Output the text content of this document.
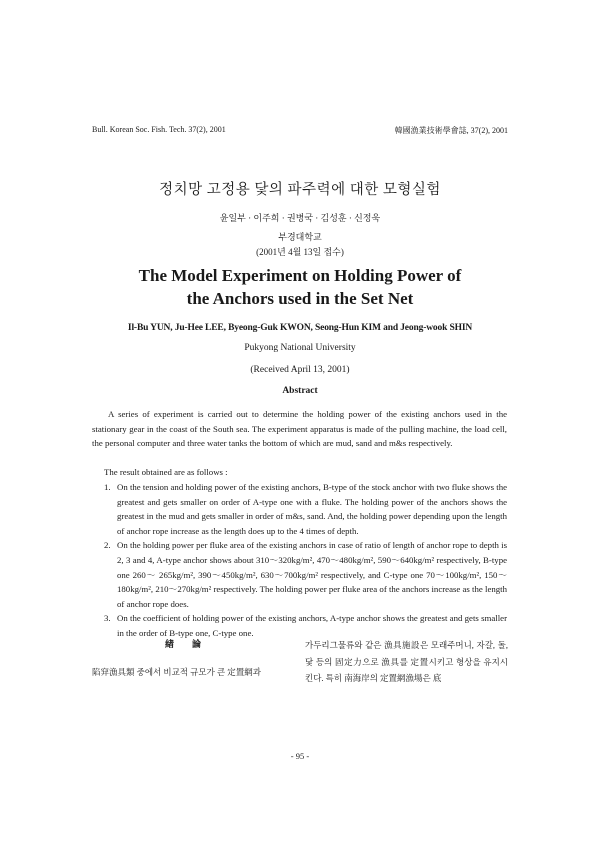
Bull. Korean Soc. Fish. Tech. 37(2), 2001	韓國漁業技術學會誌, 37(2), 2001
정치망 고정용 닻의 파주력에 대한 모형실험
윤일부 · 이주희 · 권병국 · 김성훈 · 신정욱
부경대학교
(2001년 4월 13일 접수)
The Model Experiment on Holding Power of
the Anchors used in the Set Net
Il-Bu YUN, Ju-Hee LEE, Byeong-Guk KWON, Seong-Hun KIM and Jeong-wook SHIN
Pukyong National University
(Received April 13, 2001)
Abstract

A series of experiment is carried out to determine the holding power of the existing anchors used in the stationary gear in the coast of the South sea. The experiment apparatus is made of the pulling machine, the load cell, the personal computer and three water tanks the bottom of which are mud, sand and m&s respectively.

The result obtained are as follows :
1. On the tension and holding power of the existing anchors, B-type of the stock anchor with two fluke shows the greatest and gets smaller on order of A-type one with a fluke. The holding power of the anchors shows the greatest in the mud and gets smaller in order of m&s, sand. And, the holding power depending upon the length of anchor rope increase as the length does up to the 4 times of depth.
2. On the holding power per fluke area of the existing anchors in case of ratio of length of anchor rope to depth is 2, 3 and 4, A-type anchor shows about 310～320kg/m², 470～480kg/m², 590～640kg/m² respectively, B-type one 260～ 265kg/m², 390～450kg/m², 630～700kg/m² respectively, and C-type one 70～100kg/m², 150～180kg/m², 210～270kg/m² respectively. The holding power per fluke area of the anchors increase as the length of anchor rope does.
3. On the coefficient of holding power of the existing anchors, A-type anchor shows the greatest and gets smaller in the order of B-type one, C-type one.
緖論
陷穽漁具類 중에서 비교적 규모가 큰 定置網과
가두리그물류와 같은 漁具施設은 모래주머니, 자갈, 돌, 닻 등의 固定力으로 漁具를 定置시키고 형상을 유지시킨다. 특히 南海岸의 定置網漁場은 底
- 95 -
